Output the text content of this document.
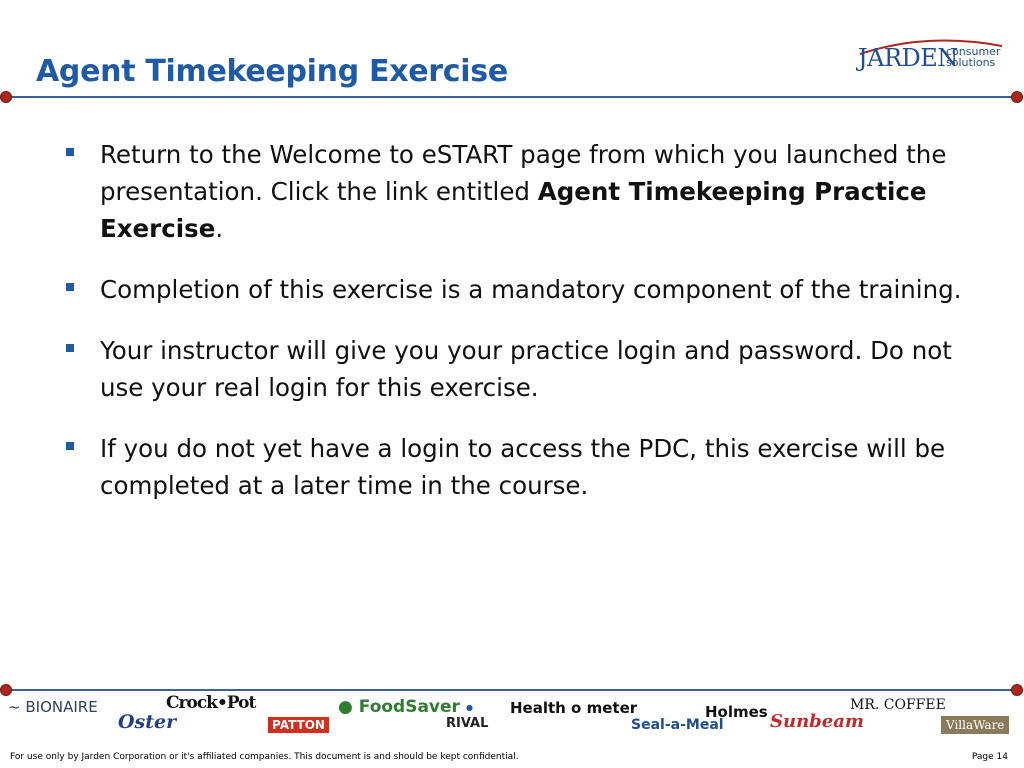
Agent Timekeeping Exercise	JARDEN
consumer
solutions
Return to the Welcome to eSTART page from which you launched the presentation. Click the link entitled Agent Timekeeping Practice Exercise.
Completion of this exercise is a mandatory component of the training.
Your instructor will give you your practice login and password. Do not use your real login for this exercise.
If you do not yet have a login to access the PDC, this exercise will be completed at a later time in the course.
~ BIONAIRE
Oster
Crock•Pot
PATTON
● FoodSaver ●
RIVAL
Health o meter
Seal-a-Meal
Holmes Sunbeam
MR. COFFEE
VillaWare
For use only by Jarden Corporation or it's affiliated companies. This document is and should be kept confidential.	Page 14
